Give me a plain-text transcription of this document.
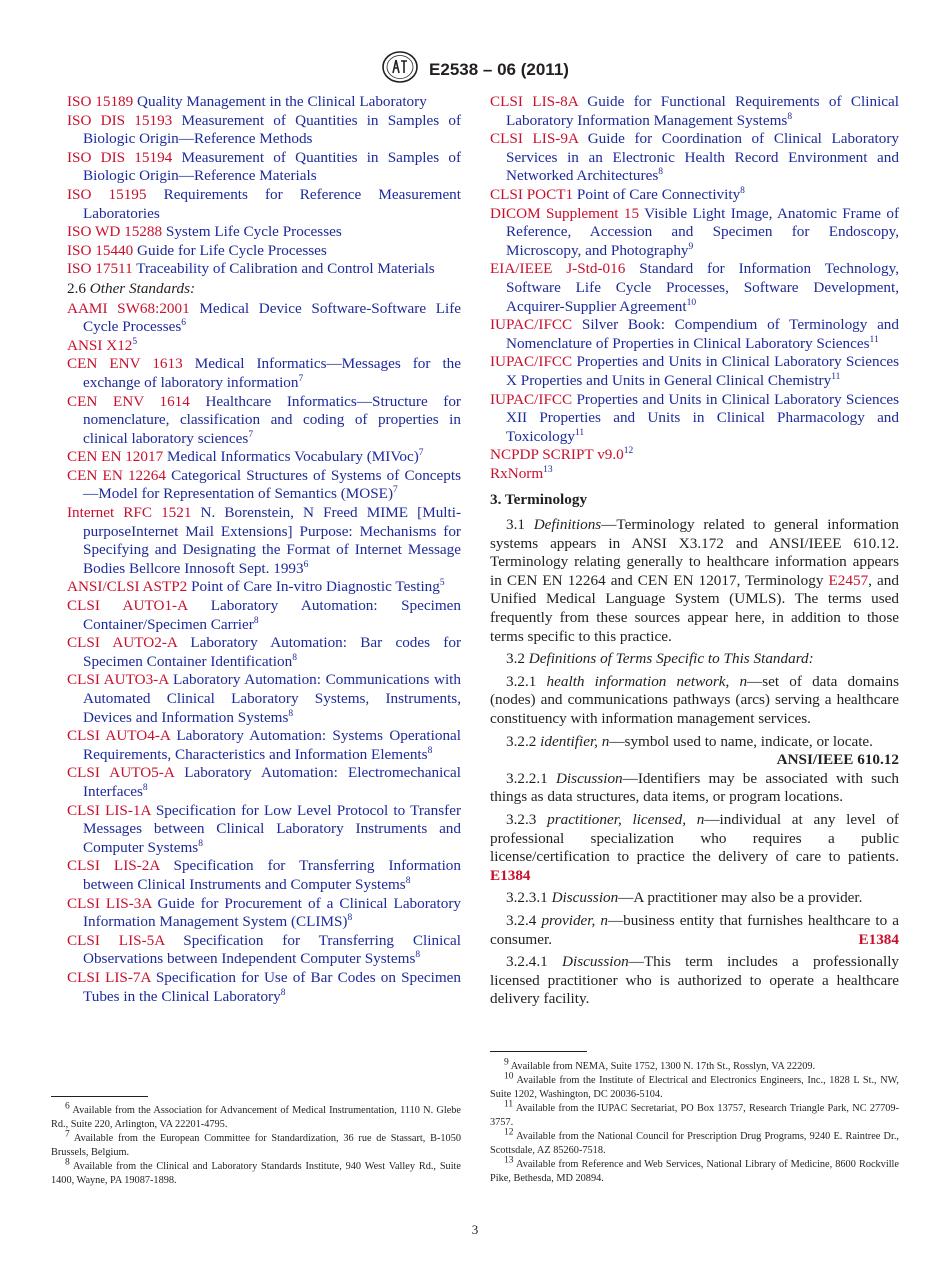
E2538 – 06 (2011)

ISO 15189 Quality Management in the Clinical Laboratory

ISO DIS 15193 Measurement of Quantities in Samples of Biologic Origin—Reference Methods

ISO DIS 15194 Measurement of Quantities in Samples of Biologic Origin—Reference Materials

ISO 15195 Requirements for Reference Measurement Laboratories

ISO WD 15288 System Life Cycle Processes

ISO 15440 Guide for Life Cycle Processes

ISO 17511 Traceability of Calibration and Control Materials

2.6 Other Standards:

AAMI SW68:2001 Medical Device Software-Software Life Cycle Processes$^6$

ANSI $X12^5$

CEN ENV 1613 Medical Informatics—Messages for the exchange of laboratory information$^7$

CEN ENV 1614 Healthcare Informatics—Structure for nomenclature, classification and coding of properties in clinical laboratory sciences$^7$

CEN EN 12017 Medical Informatics Vocabulary (MIVoc)$^7$

CEN EN 12264 Categorical Structures of Systems of Concepts—Model for Representation of Semantics (MOSE)$^7$

Internet RFC 1521 N. Borenstein, N Freed MIME [Multi-purposeInternet Mail Extensions] Purpose: Mechanisms for Specifying and Designating the Format of Internet Message Bodies Bellcore Innosoft Sept. 1993$^6$

ANSI/CLSI ASTP2 Point of Care In-vitro Diagnostic Testing$^5$

CLSI AUTO1-A Laboratory Automation: Specimen Container/Specimen Carrier$^8$

CLSI AUTO2-A Laboratory Automation: Bar codes for Specimen Container Identification$^8$

CLSI AUTO3-A Laboratory Automation: Communications with Automated Clinical Laboratory Systems, Instruments, Devices and Information Systems$^8$

CLSI AUTO4-A Laboratory Automation: Systems Operational Requirements, Characteristics and Information Elements$^8$

CLSI AUTO5-A Laboratory Automation: Electromechanical Interfaces$^8$

CLSI LIS-1A Specification for Low Level Protocol to Transfer Messages between Clinical Laboratory Instruments and Computer Systems$^8$

CLSI LIS-2A Specification for Transferring Information between Clinical Instruments and Computer Systems$^8$

CLSI LIS-3A Guide for Procurement of a Clinical Laboratory Information Management System (CLIMS)$^8$

CLSI LIS-5A Specification for Transferring Clinical Observations between Independent Computer Systems$^8$

CLSI LIS-7A Specification for Use of Bar Codes on Specimen Tubes in the Clinical Laboratory$^8$

CLSI LIS-8A Guide for Functional Requirements of Clinical Laboratory Information Management Systems$^8$

CLSI LIS-9A Guide for Coordination of Clinical Laboratory Services in an Electronic Health Record Environment and Networked Architectures$^8$

CLSI POCT1 Point of Care Connectivity$^8$

DICOM Supplement 15 Visible Light Image, Anatomic Frame of Reference, Accession and Specimen for Endoscopy, Microscopy, and Photography$^9$

EIA/IEEE J-Std-016 Standard for Information Technology, Software Life Cycle Processes, Software Development, Acquirer-Supplier Agreement$^{10}$

IUPAC/IFCC Silver Book: Compendium of Terminology and Nomenclature of Properties in Clinical Laboratory Sciences$^{11}$

IUPAC/IFCC Properties and Units in Clinical Laboratory Sciences X Properties and Units in General Clinical Chemistry$^{11}$

IUPAC/IFCC Properties and Units in Clinical Laboratory Sciences XII Properties and Units in Clinical Pharmacology and Toxicology$^{11}$

NCPDP SCRIPT $v9.0^{12}$

RxNorm$^{13}$

3. Terminology

3.1 Definitions—Terminology related to general information systems appears in ANSI X3.172 and ANSI/IEEE 610.12. Terminology relating generally to healthcare information appears in CEN EN 12264 and CEN EN 12017, Terminology E2457, and Unified Medical Language System (UMLS). The terms used frequently from these sources appear here, in addition to those terms specific to this practice.

3.2 Definitions of Terms Specific to This Standard:

3.2.1 health information network, n—set of data domains (nodes) and communications pathways (arcs) serving a healthcare constituency with information management services.

3.2.2 identifier, n—symbol used to name, indicate, or locate.

ANSI/IEEE 610.12

3.2.2.1 Discussion—Identifiers may be associated with such things as data structures, data items, or program locations.

3.2.3 practitioner, licensed, n—individual at any level of professional specialization who requires a public license/certification to practice the delivery of care to patients. E1384

3.2.3.1 Discussion—A practitioner may also be a provider.

3.2.4 provider, n—business entity that furnishes healthcare to a consumer.	E1384

3.2.4.1 Discussion—This term includes a professionally licensed practitioner who is authorized to operate a healthcare delivery facility.

$^6$ Available from the Association for Advancement of Medical Instrumentation, 1110 N. Glebe Rd., Suite 220, Arlington, VA 22201-4795.

$^7$ Available from the European Committee for Standardization, 36 rue de Stassart, B-1050 Brussels, Belgium.

$^8$ Available from the Clinical and Laboratory Standards Institute, 940 West Valley Rd., Suite 1400, Wayne, PA 19087-1898.

$^9$ Available from NEMA, Suite 1752, 1300 N. 17th St., Rosslyn, VA 22209.

$^{10}$ Available from the Institute of Electrical and Electronics Engineers, Inc., 1828 L St., NW, Suite 1202, Washington, DC 20036-5104.

$^{11}$ Available from the IUPAC Secretariat, PO Box 13757, Research Triangle Park, NC 27709-3757.

$^{12}$ Available from the National Council for Prescription Drug Programs, 9240 E. Raintree Dr., Scottsdale, AZ 85260-7518.

$^{13}$ Available from Reference and Web Services, National Library of Medicine, 8600 Rockville Pike, Bethesda, MD 20894.

3
